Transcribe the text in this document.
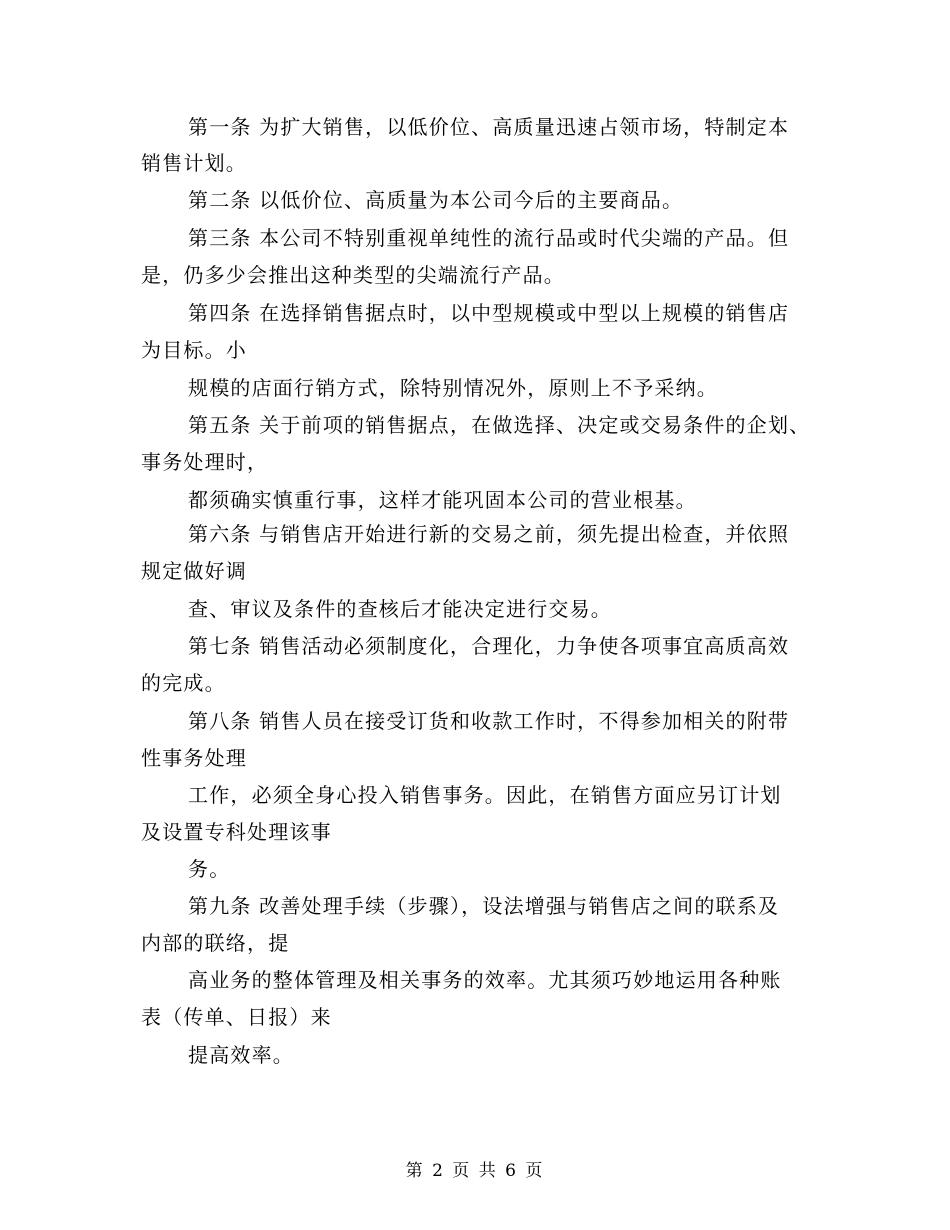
第一条 为扩大销售，以低价位、高质量迅速占领市场，特制定本
销售计划。
第二条 以低价位、高质量为本公司今后的主要商品。
第三条 本公司不特别重视单纯性的流行品或时代尖端的产品。但
是，仍多少会推出这种类型的尖端流行产品。
第四条 在选择销售据点时，以中型规模或中型以上规模的销售店
为目标。小
规模的店面行销方式，除特别情况外，原则上不予采纳。
第五条 关于前项的销售据点，在做选择、决定或交易条件的企划、
事务处理时，
都须确实慎重行事，这样才能巩固本公司的营业根基。
第六条 与销售店开始进行新的交易之前，须先提出检查，并依照
规定做好调
查、审议及条件的查核后才能决定进行交易。
第七条 销售活动必须制度化，合理化，力争使各项事宜高质高效
的完成。
第八条 销售人员在接受订货和收款工作时，不得参加相关的附带
性事务处理
工作，必须全身心投入销售事务。因此，在销售方面应另订计划
及设置专科处理该事
务。
第九条 改善处理手续（步骤），设法增强与销售店之间的联系及
内部的联络，提
高业务的整体管理及相关事务的效率。尤其须巧妙地运用各种账
表（传单、日报）来
提高效率。
第 2 页 共 6 页
